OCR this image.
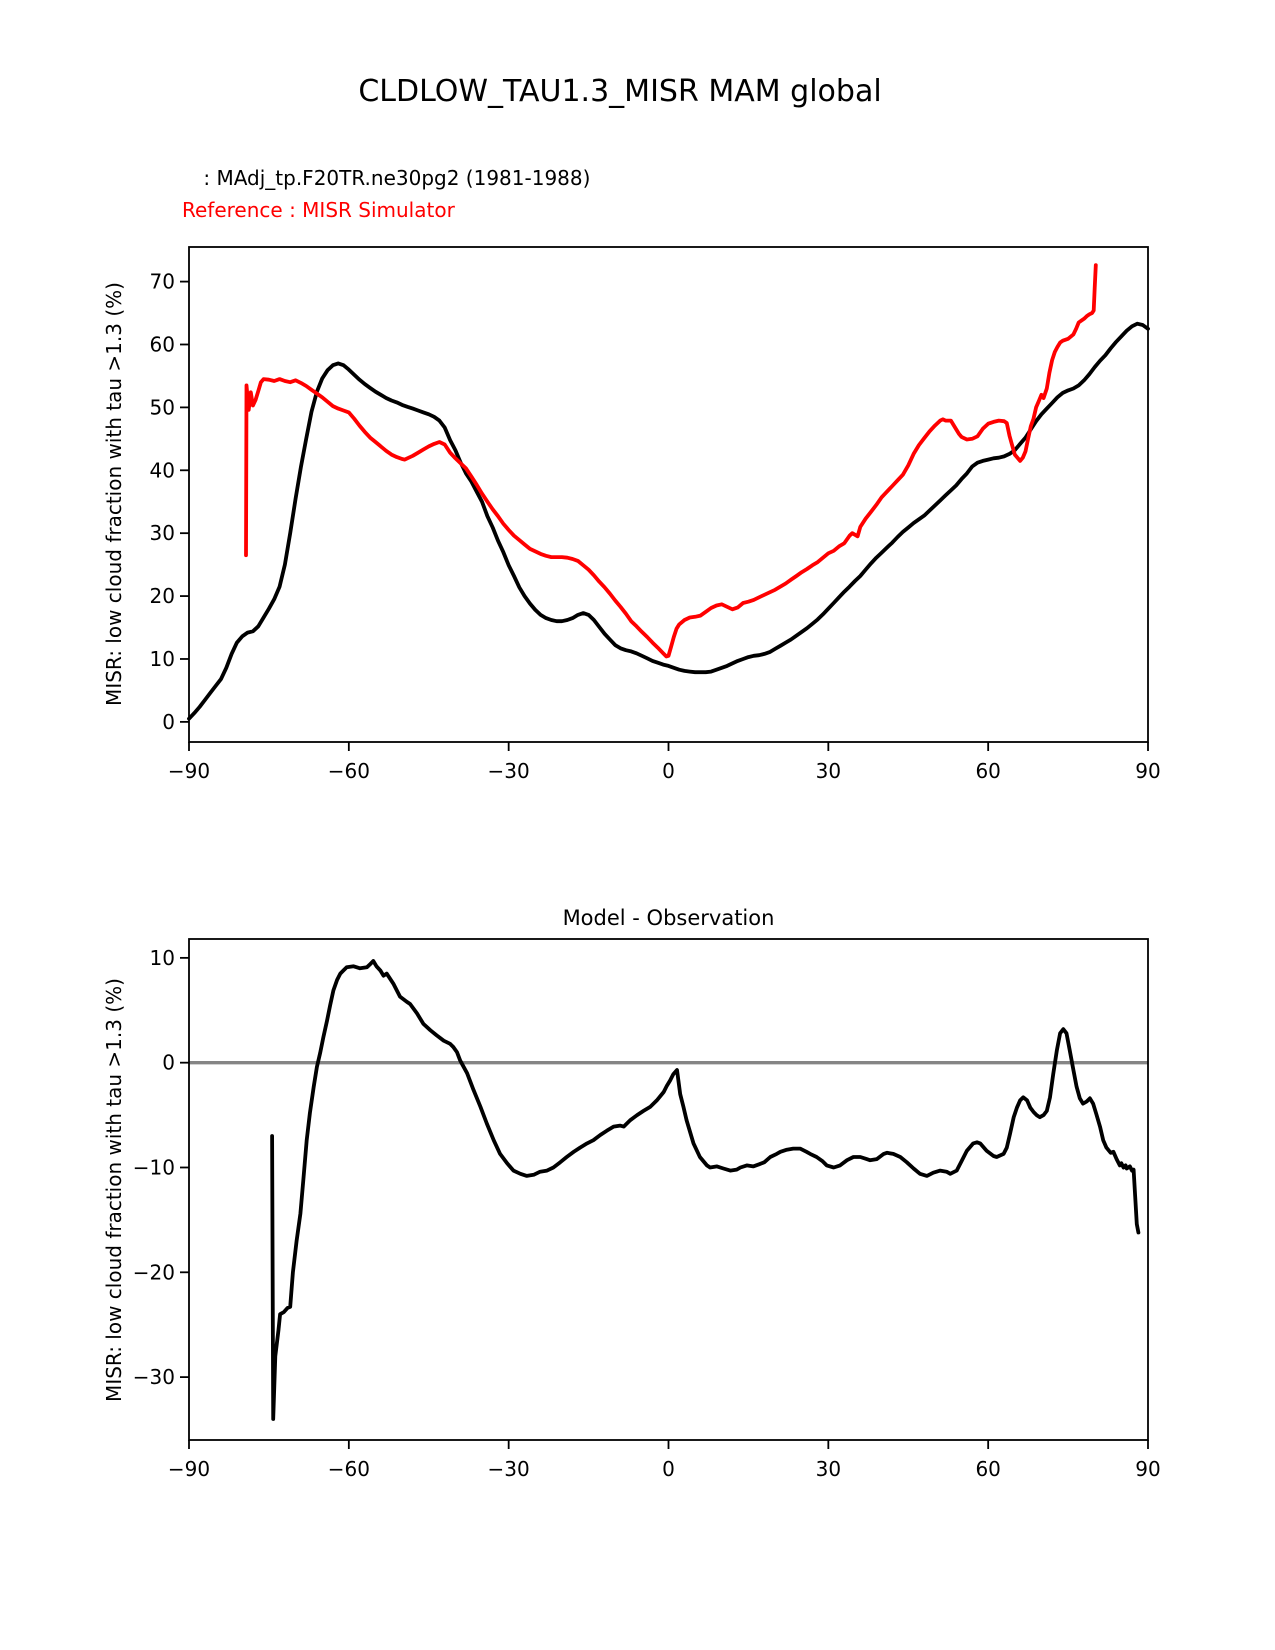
CLDLOW_TAU1.3_MISR MAM global
: MAdj_tp.F20TR.ne30pg2 (1981-1988)
Reference : MISR Simulator
MISR: low cloud fraction with tau >1.3 (%)
MISR: low cloud fraction with tau >1.3 (%)
−90	−60	−30	0	30	60	90
0
10
20
30
40
50
60
70
−90	−60	−30	0	30	60	90
10
0
−10
−20
−30
Model - Observation
